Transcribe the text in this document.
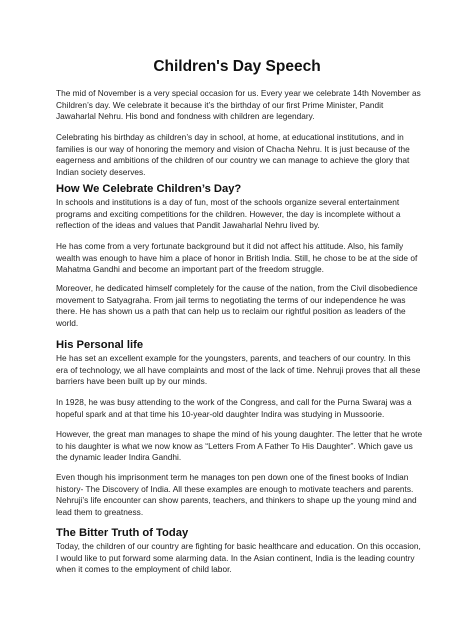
Children's Day Speech

The mid of November is a very special occasion for us. Every year we celebrate 14th November as Children’s day. We celebrate it because it’s the birthday of our first Prime Minister, Pandit Jawaharlal Nehru. His bond and fondness with children are legendary.

Celebrating his birthday as children’s day in school, at home, at educational institutions, and in families is our way of honoring the memory and vision of Chacha Nehru. It is just because of the eagerness and ambitions of the children of our country we can manage to achieve the glory that Indian society deserves.

How We Celebrate Children’s Day?

In schools and institutions is a day of fun, most of the schools organize several entertainment programs and exciting competitions for the children. However, the day is incomplete without a reflection of the ideas and values that Pandit Jawaharlal Nehru lived by.

He has come from a very fortunate background but it did not affect his attitude. Also, his family wealth was enough to have him a place of honor in British India. Still, he chose to be at the side of Mahatma Gandhi and become an important part of the freedom struggle.

Moreover, he dedicated himself completely for the cause of the nation, from the Civil disobedience movement to Satyagraha. From jail terms to negotiating the terms of our independence he was there. He has shown us a path that can help us to reclaim our rightful position as leaders of the world.

His Personal life

He has set an excellent example for the youngsters, parents, and teachers of our country. In this era of technology, we all have complaints and most of the lack of time. Nehruji proves that all these barriers have been built up by our minds.

In 1928, he was busy attending to the work of the Congress, and call for the Purna Swaraj was a hopeful spark and at that time his 10-year-old daughter Indira was studying in Mussoorie.

However, the great man manages to shape the mind of his young daughter. The letter that he wrote to his daughter is what we now know as “Letters From A Father To His Daughter”. Which gave us the dynamic leader Indira Gandhi.

Even though his imprisonment term he manages ton pen down one of the finest books of Indian history- The Discovery of India. All these examples are enough to motivate teachers and parents. Nehruji’s life encounter can show parents, teachers, and thinkers to shape up the young mind and lead them to greatness.

The Bitter Truth of Today

Today, the children of our country are fighting for basic healthcare and education. On this occasion, I would like to put forward some alarming data. In the Asian continent, India is the leading country when it comes to the employment of child labor.
